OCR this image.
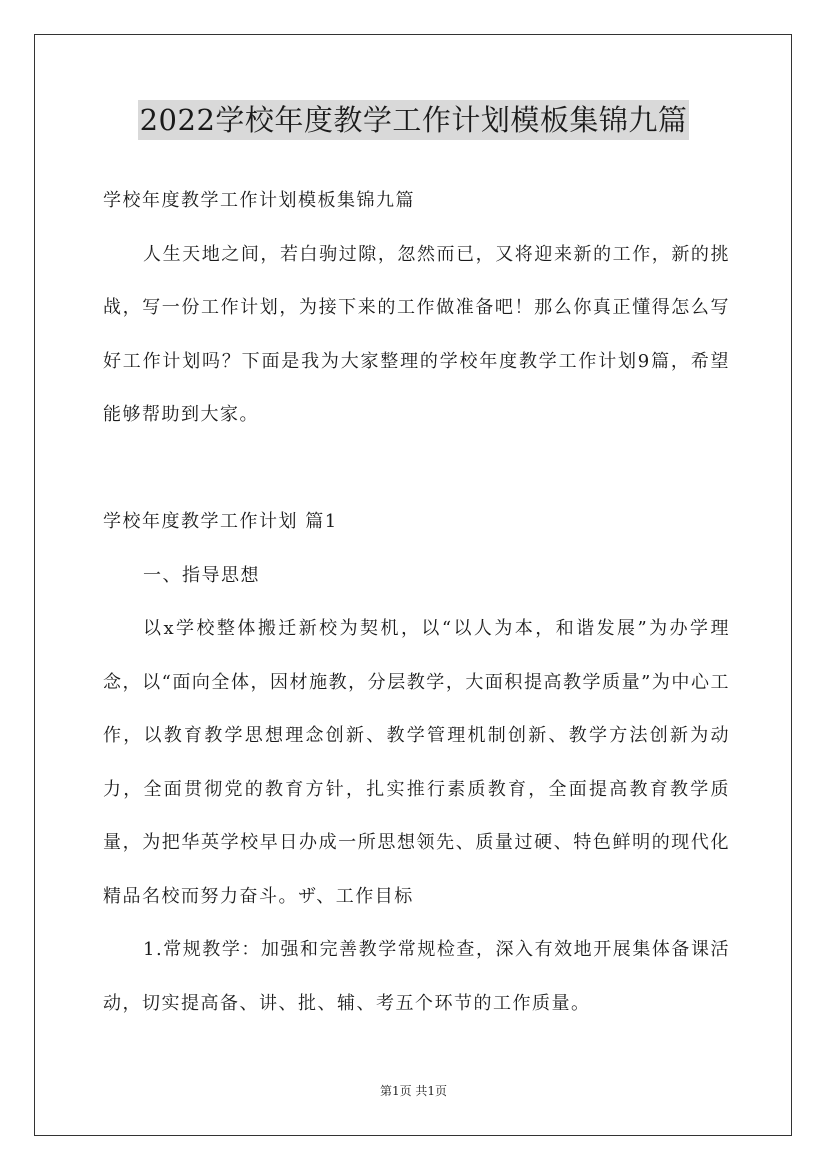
2022学校年度教学工作计划模板集锦九篇

学校年度教学工作计划模板集锦九篇

人生天地之间，若白驹过隙，忽然而已，又将迎来新的工作，新的挑战，写一份工作计划，为接下来的工作做准备吧！那么你真正懂得怎么写好工作计划吗？下面是我为大家整理的学校年度教学工作计划9篇，希望能够帮助到大家。

学校年度教学工作计划 篇1

一、指导思想

以x学校整体搬迁新校为契机，以“以人为本，和谐发展”为办学理念，以“面向全体，因材施教，分层教学，大面积提高教学质量”为中心工作，以教育教学思想理念创新、教学管理机制创新、教学方法创新为动力，全面贯彻党的教育方针，扎实推行素质教育，全面提高教育教学质量，为把华英学校早日办成一所思想领先、质量过硬、特色鲜明的现代化精品名校而努力奋斗。ザ、工作目标

1.常规教学：加强和完善教学常规检查，深入有效地开展集体备课活动，切实提高备、讲、批、辅、考五个环节的工作质量。

第1页 共1页
